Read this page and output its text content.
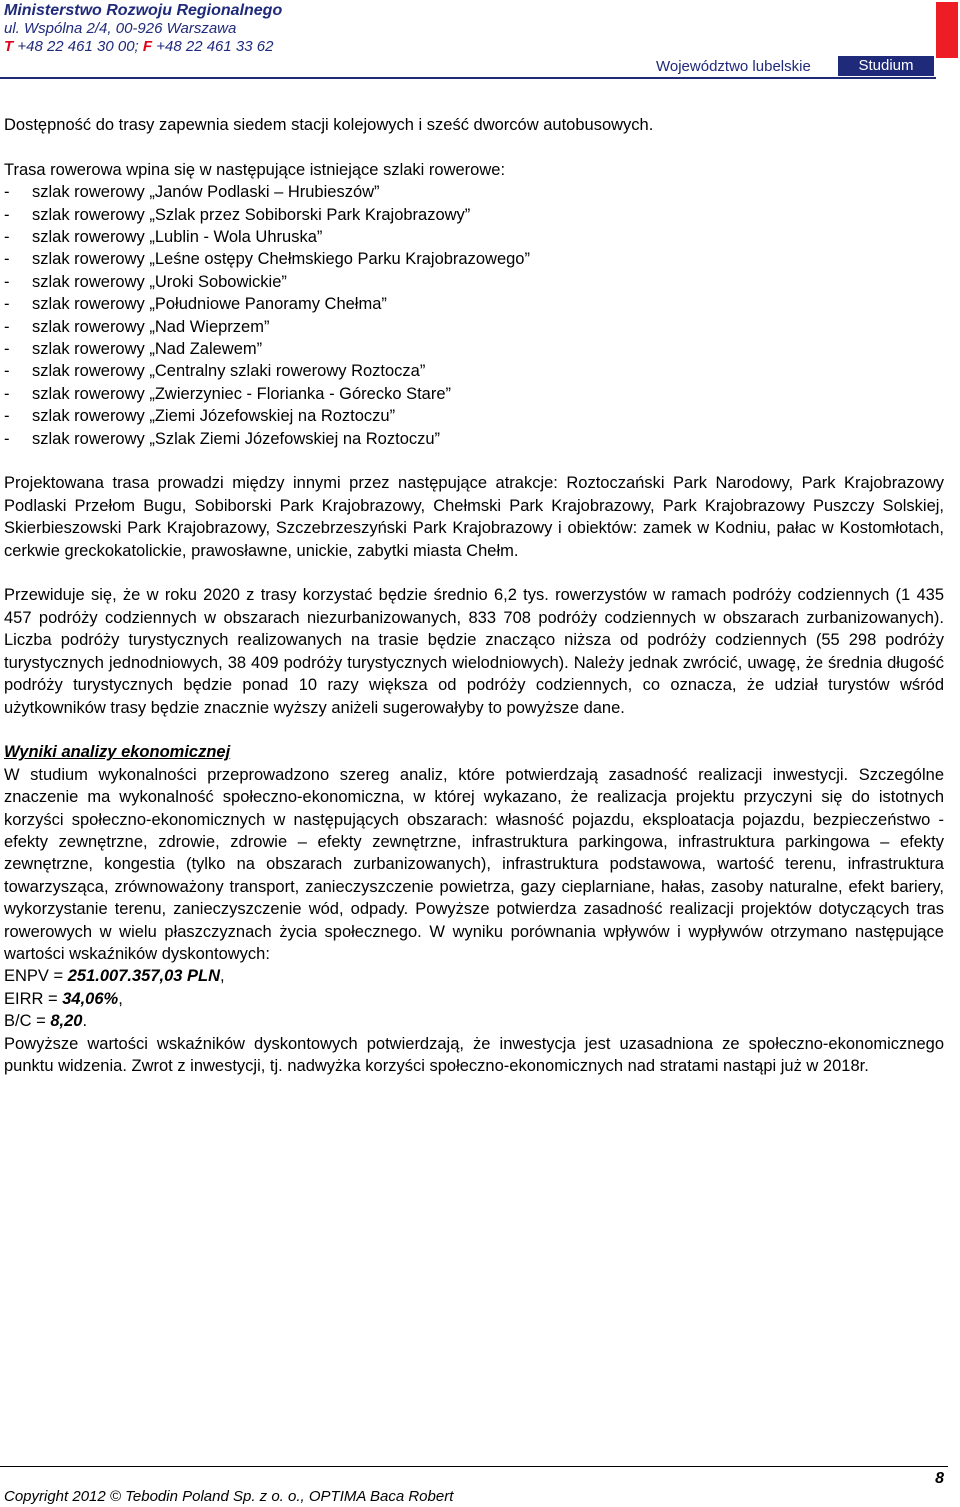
Ministerstwo Rozwoju Regionalnego
ul. Wspólna 2/4, 00-926 Warszawa
T +48 22 461 30 00; F +48 22 461 33 62
Województwo lubelskie	Studium

Dostępność do trasy zapewnia siedem stacji kolejowych i sześć dworców autobusowych.

Trasa rowerowa wpina się w następujące istniejące szlaki rowerowe:

- szlak rowerowy „Janów Podlaski – Hrubieszów”
- szlak rowerowy „Szlak przez Sobiborski Park Krajobrazowy”
- szlak rowerowy „Lublin - Wola Uhruska”
- szlak rowerowy „Leśne ostępy Chełmskiego Parku Krajobrazowego”
- szlak rowerowy „Uroki Sobowickie”
- szlak rowerowy „Południowe Panoramy Chełma”
- szlak rowerowy „Nad Wieprzem”
- szlak rowerowy „Nad Zalewem”
- szlak rowerowy „Centralny szlaki rowerowy Roztocza”
- szlak rowerowy „Zwierzyniec - Florianka - Górecko Stare”
- szlak rowerowy „Ziemi Józefowskiej na Roztoczu”
- szlak rowerowy „Szlak Ziemi Józefowskiej na Roztoczu”

Projektowana trasa prowadzi między innymi przez następujące atrakcje: Roztoczański Park Narodowy, Park Krajobrazowy Podlaski Przełom Bugu, Sobiborski Park Krajobrazowy, Chełmski Park Krajobrazowy, Park Krajobrazowy Puszczy Solskiej, Skierbieszowski Park Krajobrazowy, Szczebrzeszyński Park Krajobrazowy i obiektów: zamek w Kodniu, pałac w Kostomłotach, cerkwie greckokatolickie, prawosławne, unickie, zabytki miasta Chełm.

Przewiduje się, że w roku 2020 z trasy korzystać będzie średnio 6,2 tys. rowerzystów w ramach podróży codziennych (1 435 457 podróży codziennych w obszarach niezurbanizowanych, 833 708 podróży codziennych w obszarach zurbanizowanych). Liczba podróży turystycznych realizowanych na trasie będzie znacząco niższa od podróży codziennych (55 298 podróży turystycznych jednodniowych, 38 409 podróży turystycznych wielodniowych). Należy jednak zwrócić, uwagę, że średnia długość podróży turystycznych będzie ponad 10 razy większa od podróży codziennych, co oznacza, że udział turystów wśród użytkowników trasy będzie znacznie wyższy aniżeli sugerowałyby to powyższe dane.

Wyniki analizy ekonomicznej

W studium wykonalności przeprowadzono szereg analiz, które potwierdzają zasadność realizacji inwestycji. Szczególne znaczenie ma wykonalność społeczno-ekonomiczna, w której wykazano, że realizacja projektu przyczyni się do istotnych korzyści społeczno-ekonomicznych w następujących obszarach: własność pojazdu, eksploatacja pojazdu, bezpieczeństwo - efekty zewnętrzne, zdrowie, zdrowie – efekty zewnętrzne, infrastruktura parkingowa, infrastruktura parkingowa – efekty zewnętrzne, kongestia (tylko na obszarach zurbanizowanych), infrastruktura podstawowa, wartość terenu, infrastruktura towarzysząca, zrównoważony transport, zanieczyszczenie powietrza, gazy cieplarniane, hałas, zasoby naturalne, efekt bariery, wykorzystanie terenu, zanieczyszczenie wód, odpady. Powyższe potwierdza zasadność realizacji projektów dotyczących tras rowerowych w wielu płaszczyznach życia społecznego. W wyniku porównania wpływów i wypływów otrzymano następujące wartości wskaźników dyskontowych:

ENPV = 251.007.357,03 PLN,

EIRR = 34,06%,

B/C = 8,20.

Powyższe wartości wskaźników dyskontowych potwierdzają, że inwestycja jest uzasadniona ze społeczno-ekonomicznego punktu widzenia. Zwrot z inwestycji, tj. nadwyżka korzyści społeczno-ekonomicznych nad stratami nastąpi już w 2018r.

8
Copyright 2012 © Tebodin Poland Sp. z o. o., OPTIMA Baca Robert
